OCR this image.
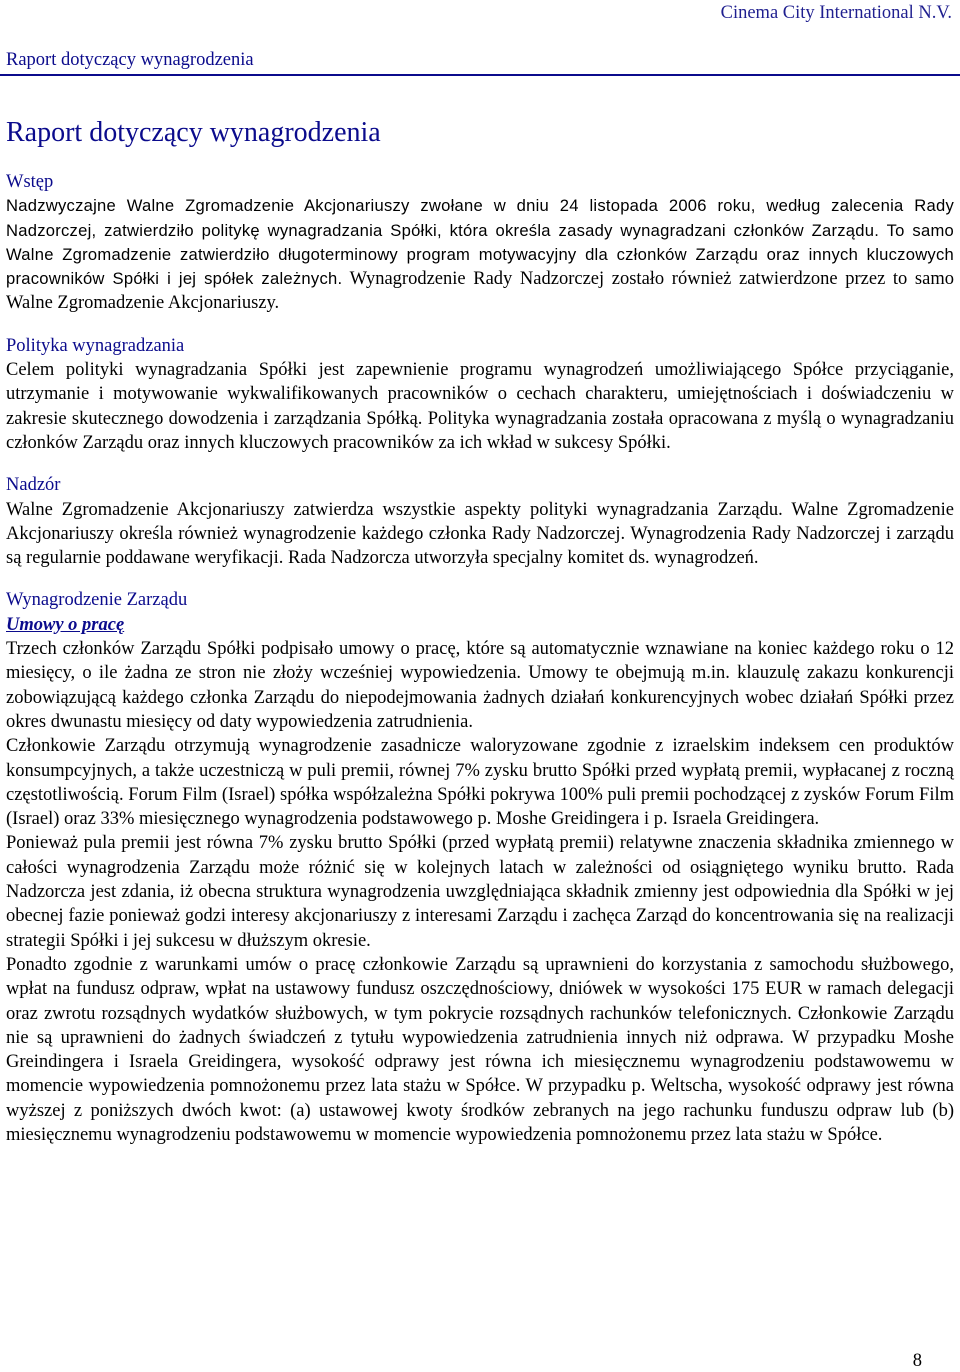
Cinema City International N.V.
Raport dotyczący wynagrodzenia
Raport dotyczący wynagrodzenia
Wstęp

Nadzwyczajne Walne Zgromadzenie Akcjonariuszy zwołane w dniu 24 listopada 2006 roku, według zalecenia Rady Nadzorczej, zatwierdziło politykę wynagradzania Spółki, która określa zasady wynagradzani członków Zarządu. To samo Walne Zgromadzenie zatwierdziło długoterminowy program motywacyjny dla członków Zarządu oraz innych kluczowych pracowników Spółki i jej spółek zależnych. Wynagrodzenie Rady Nadzorczej zostało również zatwierdzone przez to samo Walne Zgromadzenie Akcjonariuszy.

Polityka wynagradzania

Celem polityki wynagradzania Spółki jest zapewnienie programu wynagrodzeń umożliwiającego Spółce przyciąganie, utrzymanie i motywowanie wykwalifikowanych pracowników o cechach charakteru, umiejętnościach i doświadczeniu w zakresie skutecznego dowodzenia i zarządzania Spółką. Polityka wynagradzania została opracowana z myślą o wynagradzaniu członków Zarządu oraz innych kluczowych pracowników za ich wkład w sukcesy Spółki.

Nadzór

Walne Zgromadzenie Akcjonariuszy zatwierdza wszystkie aspekty polityki wynagradzania Zarządu. Walne Zgromadzenie Akcjonariuszy określa również wynagrodzenie każdego członka Rady Nadzorczej. Wynagrodzenia Rady Nadzorczej i zarządu są regularnie poddawane weryfikacji. Rada Nadzorcza utworzyła specjalny komitet ds. wynagrodzeń.

Wynagrodzenie Zarządu
Umowy o pracę

Trzech członków Zarządu Spółki podpisało umowy o pracę, które są automatycznie wznawiane na koniec każdego roku o 12 miesięcy, o ile żadna ze stron nie złoży wcześniej wypowiedzenia. Umowy te obejmują m.in. klauzulę zakazu konkurencji zobowiązującą każdego członka Zarządu do niepodejmowania żadnych działań konkurencyjnych wobec działań Spółki przez okres dwunastu miesięcy od daty wypowiedzenia zatrudnienia.

Członkowie Zarządu otrzymują wynagrodzenie zasadnicze waloryzowane zgodnie z izraelskim indeksem cen produktów konsumpcyjnych, a także uczestniczą w puli premii, równej 7% zysku brutto Spółki przed wypłatą premii, wypłacanej z roczną częstotliwością. Forum Film (Israel) spółka współzależna Spółki pokrywa 100% puli premii pochodzącej z zysków Forum Film (Israel) oraz 33% miesięcznego wynagrodzenia podstawowego p. Moshe Greidingera i p. Israela Greidingera.

Ponieważ pula premii jest równa 7% zysku brutto Spółki (przed wypłatą premii) relatywne znaczenia składnika zmiennego w całości wynagrodzenia Zarządu może różnić się w kolejnych latach w zależności od osiągniętego wyniku brutto. Rada Nadzorcza jest zdania, iż obecna struktura wynagrodzenia uwzględniająca składnik zmienny jest odpowiednia dla Spółki w jej obecnej fazie ponieważ godzi interesy akcjonariuszy z interesami Zarządu i zachęca Zarząd do koncentrowania się na realizacji strategii Spółki i jej sukcesu w dłuższym okresie.

Ponadto zgodnie z warunkami umów o pracę członkowie Zarządu są uprawnieni do korzystania z samochodu służbowego, wpłat na fundusz odpraw, wpłat na ustawowy fundusz oszczędnościowy, dniówek w wysokości 175 EUR w ramach delegacji oraz zwrotu rozsądnych wydatków służbowych, w tym pokrycie rozsądnych rachunków telefonicznych. Członkowie Zarządu nie są uprawnieni do żadnych świadczeń z tytułu wypowiedzenia zatrudnienia innych niż odprawa. W przypadku Moshe Greindingera i Israela Greidingera, wysokość odprawy jest równa ich miesięcznemu wynagrodzeniu podstawowemu w momencie wypowiedzenia pomnożonemu przez lata stażu w Spółce. W przypadku p. Weltscha, wysokość odprawy jest równa wyższej z poniższych dwóch kwot: (a) ustawowej kwoty środków zebranych na jego rachunku funduszu odpraw lub (b) miesięcznemu wynagrodzeniu podstawowemu w momencie wypowiedzenia pomnożonemu przez lata stażu w Spółce.

8
